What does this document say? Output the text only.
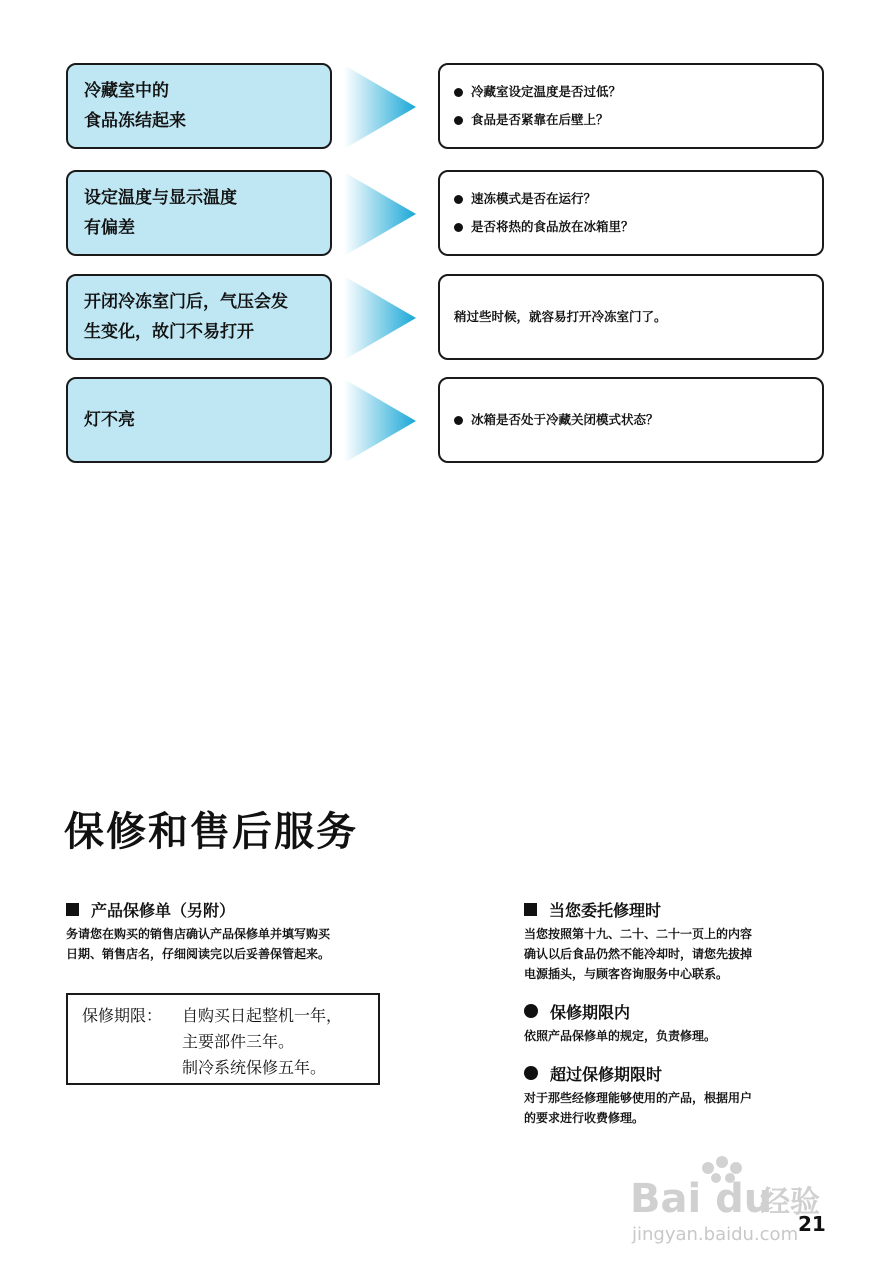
冷藏室中的
食品冻结起来
冷藏室设定温度是否过低？
食品是否紧靠在后壁上？
设定温度与显示温度
有偏差
速冻模式是否在运行？
是否将热的食品放在冰箱里？
开闭冷冻室门后，气压会发
生变化，故门不易打开
稍过些时候，就容易打开冷冻室门了。
灯不亮	冰箱是否处于冷藏关闭模式状态？
保修和售后服务
产品保修单（另附）

务请您在购买的销售店确认产品保修单并填写购买
日期、销售店名，仔细阅读完以后妥善保管起来。

保修期限：	自购买日起整机一年，
主要部件三年。
制冷系统保修五年。
当您委托修理时

当您按照第十九、二十、二十一页上的内容
确认以后食品仍然不能冷却时，请您先拔掉
电源插头，与顾客咨询服务中心联系。

保修期限内

依照产品保修单的规定，负责修理。

超过保修期限时

对于那些经修理能够使用的产品，根据用户
的要求进行收费修理。

Bai du
经验
jingyan.baidu.com 21
